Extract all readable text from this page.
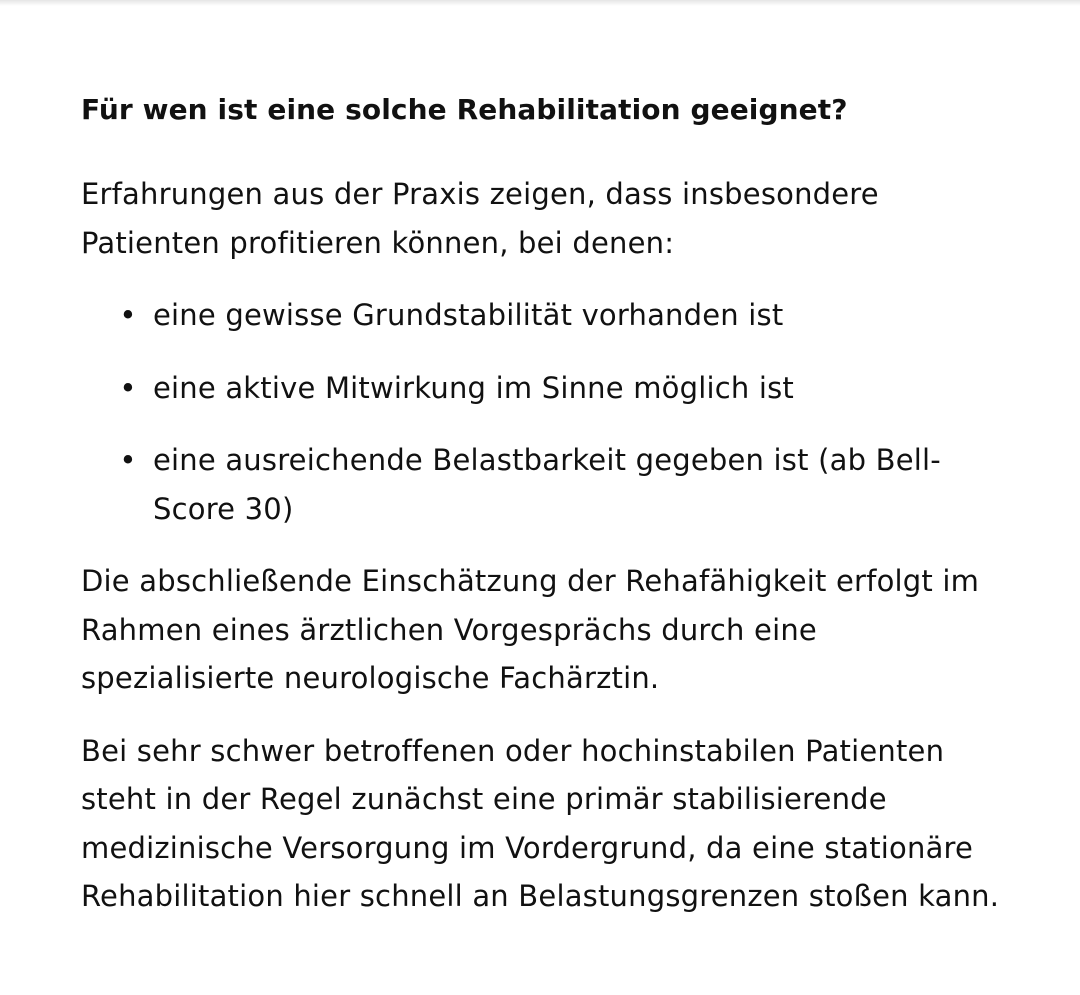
Für wen ist eine solche Rehabilitation geeignet?

Erfahrungen aus der Praxis zeigen, dass insbesondere Patienten profitieren können, bei denen:

• eine gewisse Grundstabilität vorhanden ist
• eine aktive Mitwirkung im Sinne möglich ist
• eine ausreichende Belastbarkeit gegeben ist (ab Bell-Score 30)

Die abschließende Einschätzung der Rehafähigkeit erfolgt im Rahmen eines ärztlichen Vorgesprächs durch eine spezialisierte neurologische Fachärztin.

Bei sehr schwer betroffenen oder hochinstabilen Patienten steht in der Regel zunächst eine primär stabilisierende medizinische Versorgung im Vordergrund, da eine stationäre Rehabilitation hier schnell an Belastungsgrenzen stoßen kann.
